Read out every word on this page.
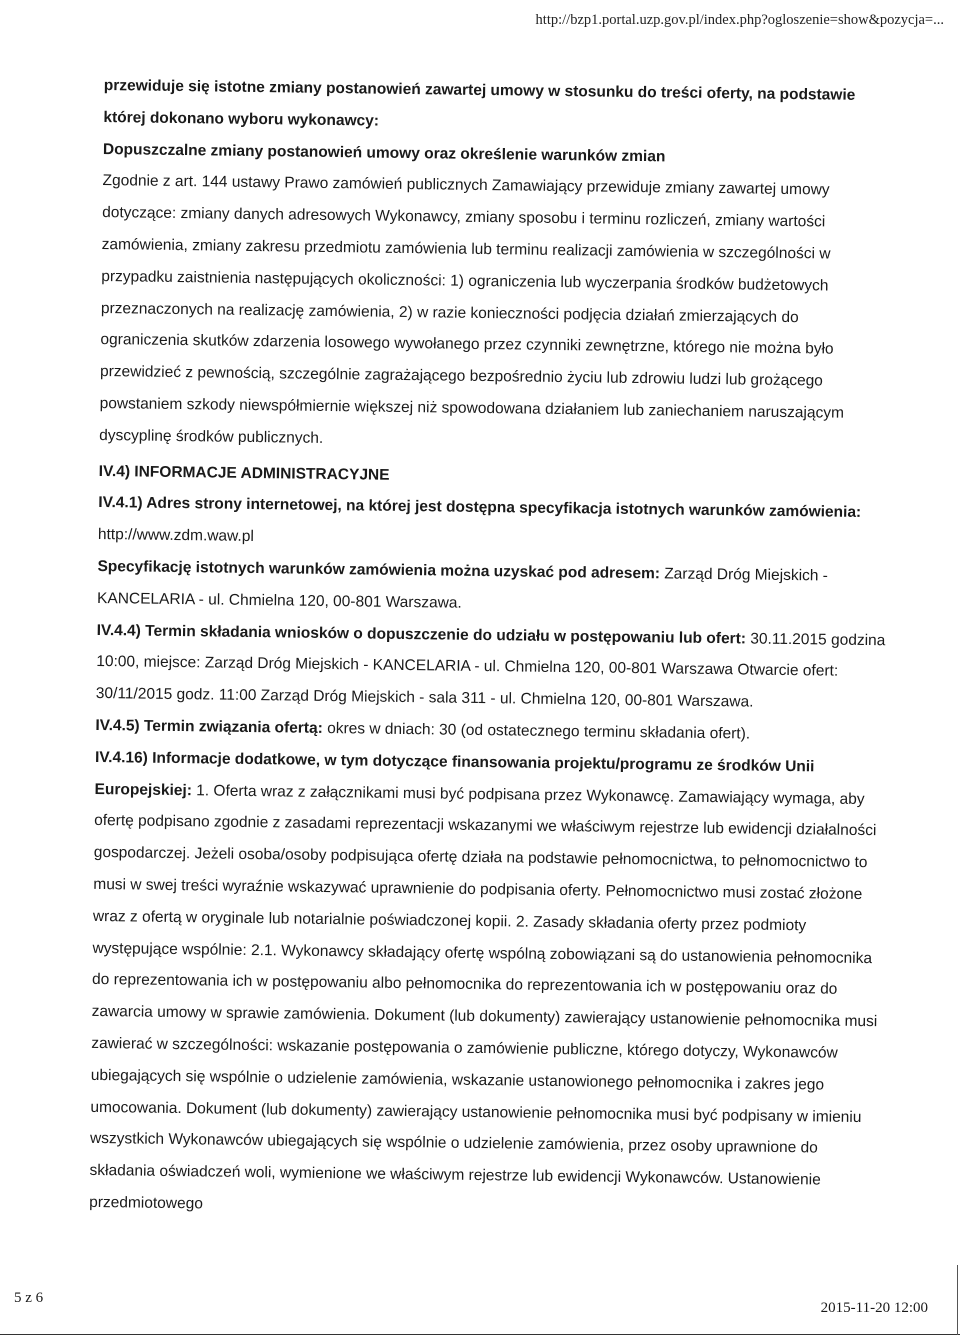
http://bzp1.portal.uzp.gov.pl/index.php?ogloszenie=show&pozycja=...

przewiduje się istotne zmiany postanowień zawartej umowy w stosunku do treści oferty, na podstawie której dokonano wyboru wykonawcy:

Dopuszczalne zmiany postanowień umowy oraz określenie warunków zmian

Zgodnie z art. 144 ustawy Prawo zamówień publicznych Zamawiający przewiduje zmiany zawartej umowy dotyczące: zmiany danych adresowych Wykonawcy, zmiany sposobu i terminu rozliczeń, zmiany wartości zamówienia, zmiany zakresu przedmiotu zamówienia lub terminu realizacji zamówienia w szczególności w przypadku zaistnienia następujących okoliczności: 1) ograniczenia lub wyczerpania środków budżetowych przeznaczonych na realizację zamówienia, 2) w razie konieczności podjęcia działań zmierzających do ograniczenia skutków zdarzenia losowego wywołanego przez czynniki zewnętrzne, którego nie można było przewidzieć z pewnością, szczególnie zagrażającego bezpośrednio życiu lub zdrowiu ludzi lub grożącego powstaniem szkody niewspółmiernie większej niż spowodowana działaniem lub zaniechaniem naruszającym dyscyplinę środków publicznych.

IV.4) INFORMACJE ADMINISTRACYJNE

IV.4.1) Adres strony internetowej, na której jest dostępna specyfikacja istotnych warunków zamówienia: http://www.zdm.waw.pl

Specyfikację istotnych warunków zamówienia można uzyskać pod adresem: Zarząd Dróg Miejskich - KANCELARIA - ul. Chmielna 120, 00-801 Warszawa.

IV.4.4) Termin składania wniosków o dopuszczenie do udziału w postępowaniu lub ofert: 30.11.2015 godzina 10:00, miejsce: Zarząd Dróg Miejskich - KANCELARIA - ul. Chmielna 120, 00-801 Warszawa Otwarcie ofert: 30/11/2015 godz. 11:00 Zarząd Dróg Miejskich - sala 311 - ul. Chmielna 120, 00-801 Warszawa.

IV.4.5) Termin związania ofertą: okres w dniach: 30 (od ostatecznego terminu składania ofert).

IV.4.16) Informacje dodatkowe, w tym dotyczące finansowania projektu/programu ze środków Unii Europejskiej: 1. Oferta wraz z załącznikami musi być podpisana przez Wykonawcę. Zamawiający wymaga, aby ofertę podpisano zgodnie z zasadami reprezentacji wskazanymi we właściwym rejestrze lub ewidencji działalności gospodarczej. Jeżeli osoba/osoby podpisująca ofertę działa na podstawie pełnomocnictwa, to pełnomocnictwo to musi w swej treści wyraźnie wskazywać uprawnienie do podpisania oferty. Pełnomocnictwo musi zostać złożone wraz z ofertą w oryginale lub notarialnie poświadczonej kopii. 2. Zasady składania oferty przez podmioty występujące wspólnie: 2.1. Wykonawcy składający ofertę wspólną zobowiązani są do ustanowienia pełnomocnika do reprezentowania ich w postępowaniu albo pełnomocnika do reprezentowania ich w postępowaniu oraz do zawarcia umowy w sprawie zamówienia. Dokument (lub dokumenty) zawierający ustanowienie pełnomocnika musi zawierać w szczególności: wskazanie postępowania o zamówienie publiczne, którego dotyczy, Wykonawców ubiegających się wspólnie o udzielenie zamówienia, wskazanie ustanowionego pełnomocnika i zakres jego umocowania. Dokument (lub dokumenty) zawierający ustanowienie pełnomocnika musi być podpisany w imieniu wszystkich Wykonawców ubiegających się wspólnie o udzielenie zamówienia, przez osoby uprawnione do składania oświadczeń woli, wymienione we właściwym rejestrze lub ewidencji Wykonawców. Ustanowienie przedmiotowego

5 z 6
2015-11-20 12:00
